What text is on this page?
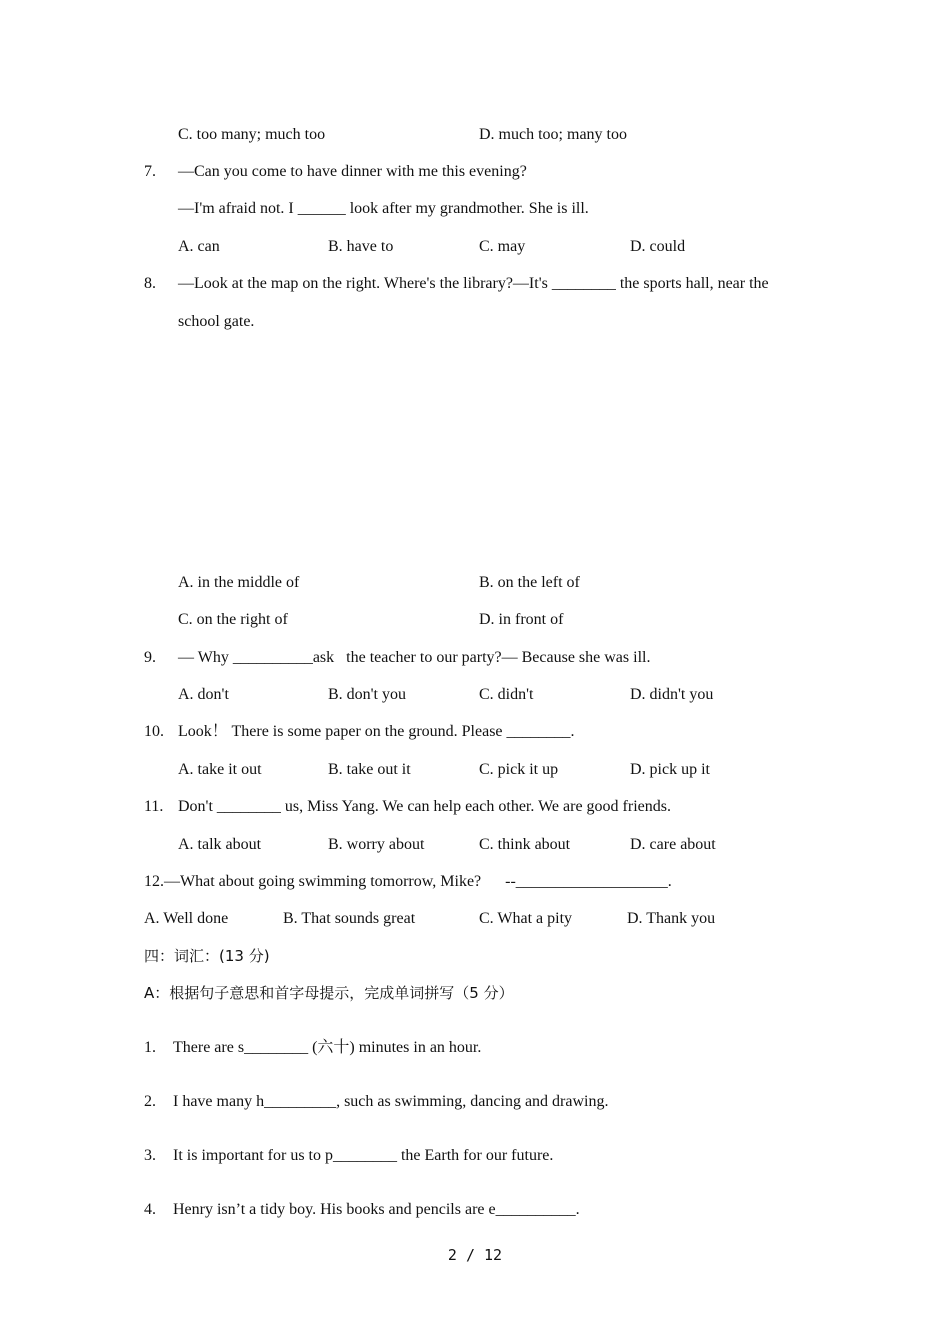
C. too many; much too	D. much too; many too
7. —Can you come to have dinner with me this evening?
—I'm afraid not. I ______ look after my grandmother. She is ill.
A. can	B. have to	C. may	D. could
8. —Look at the map on the right. Where's the library?—It's ________ the sports hall, near the
school gate.
A. in the middle of	B. on the left of
C. on the right of	D. in front of
9. — Why __________ask   the teacher to our party?— Because she was ill.
A. don't	B. don't you	C. didn't	D. didn't you
10. Look！ There is some paper on the ground. Please ________.
A. take it out	B. take out it	C. pick it up	D. pick up it
11. Don't ________ us, Miss Yang. We can help each other. We are good friends.
A. talk about	B. worry about	C. think about	D. care about
12.—What about going swimming tomorrow, Mike?      --___________________.
A. Well done	B. That sounds great	C. What a pity	D. Thank you
四：词汇：(13 分)
A：根据句子意思和首字母提示，完成单词拼写（5 分）
1. There are s________ (六十) minutes in an hour.
2. I have many h_________, such as swimming, dancing and drawing.
3. It is important for us to p________ the Earth for our future.
4. Henry isn’t a tidy boy. His books and pencils are e__________.
2 / 12
